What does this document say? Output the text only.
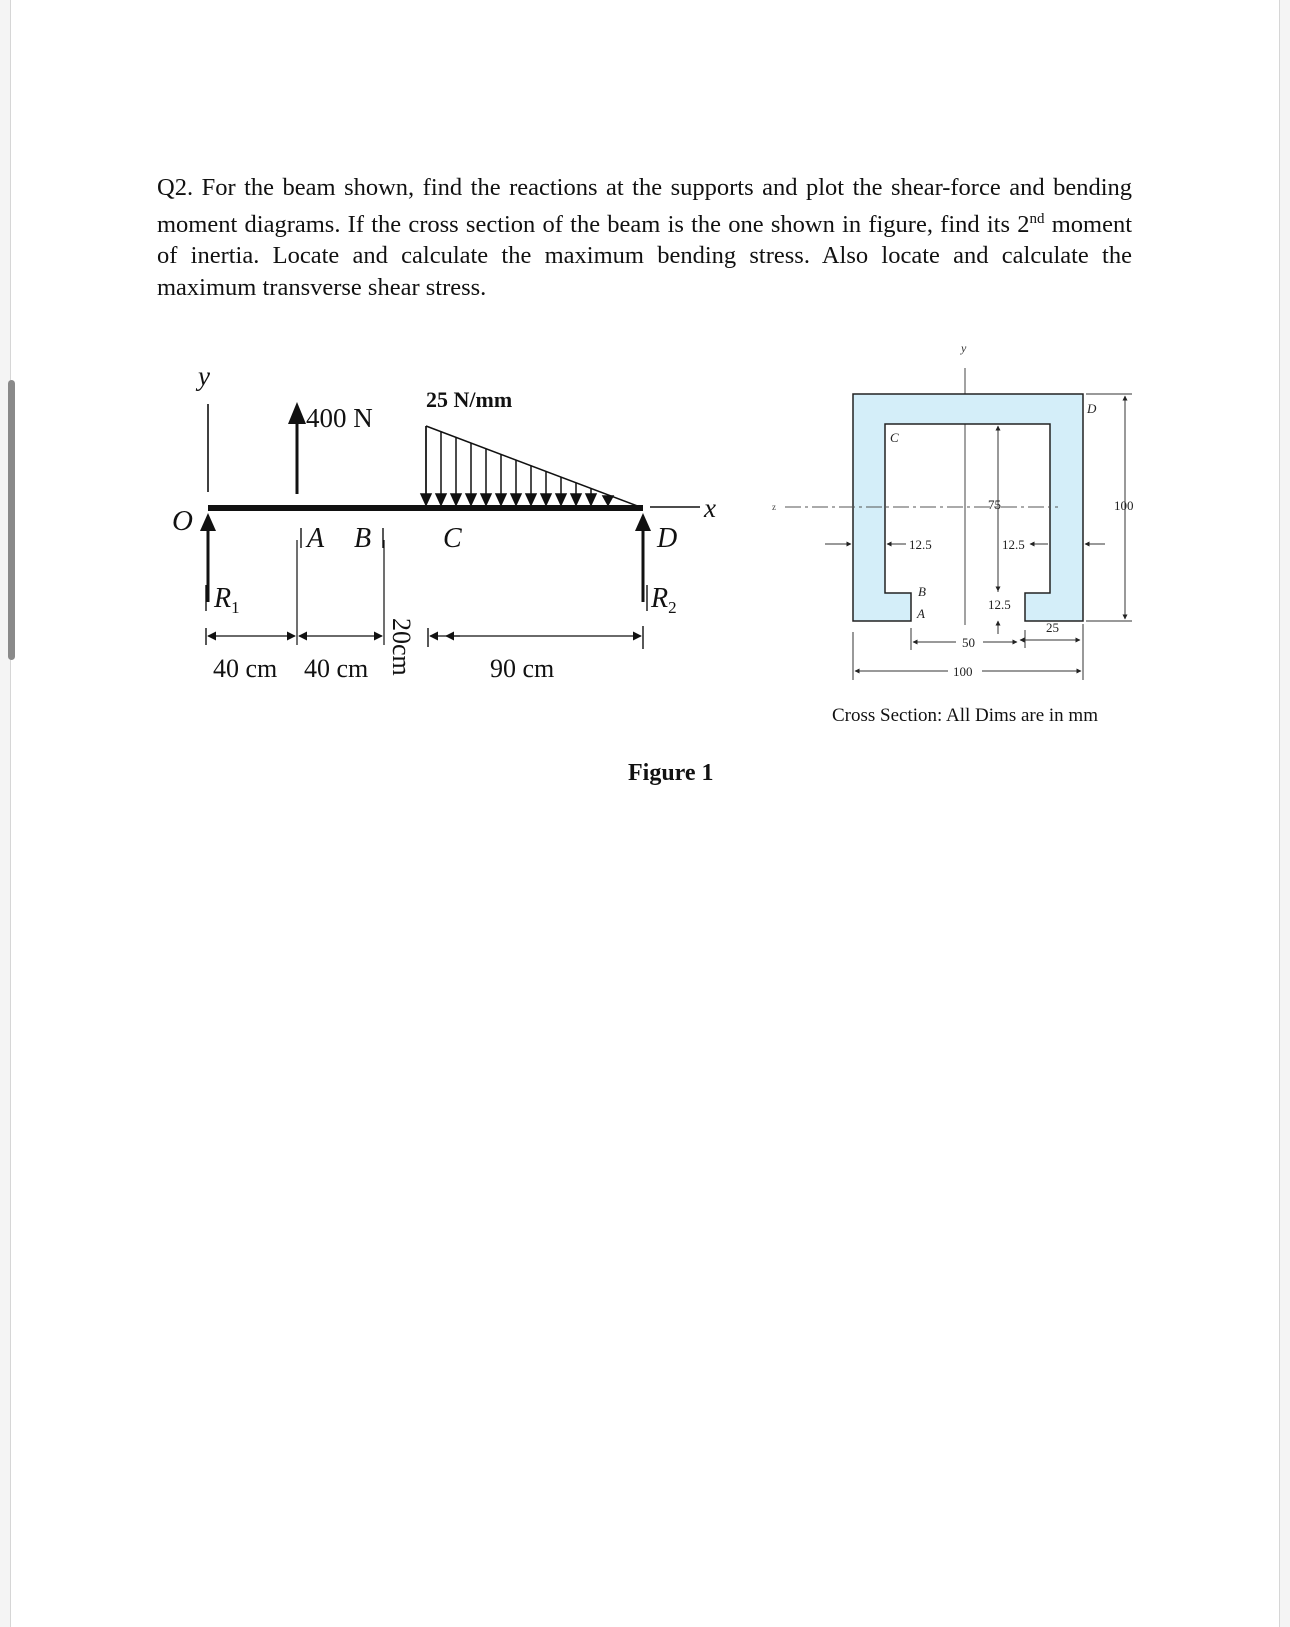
Q2. For the beam shown, find the reactions at the supports and plot the shear-force and bending moment diagrams. If the cross section of the beam is the one shown in figure, find its 2nd moment of inertia. Locate and calculate the maximum bending stress. Also locate and calculate the maximum transverse shear stress.
y
400 N
25 N/mm
x
O
$R_1$	$R_2$
A B	C	D
40 cm 40 cm 20cm	90 cm
y
z
C
D
B
A
75	100
12.5	12.5
12.5
25
50
100
Cross Section: All Dims are in mm
Figure 1
